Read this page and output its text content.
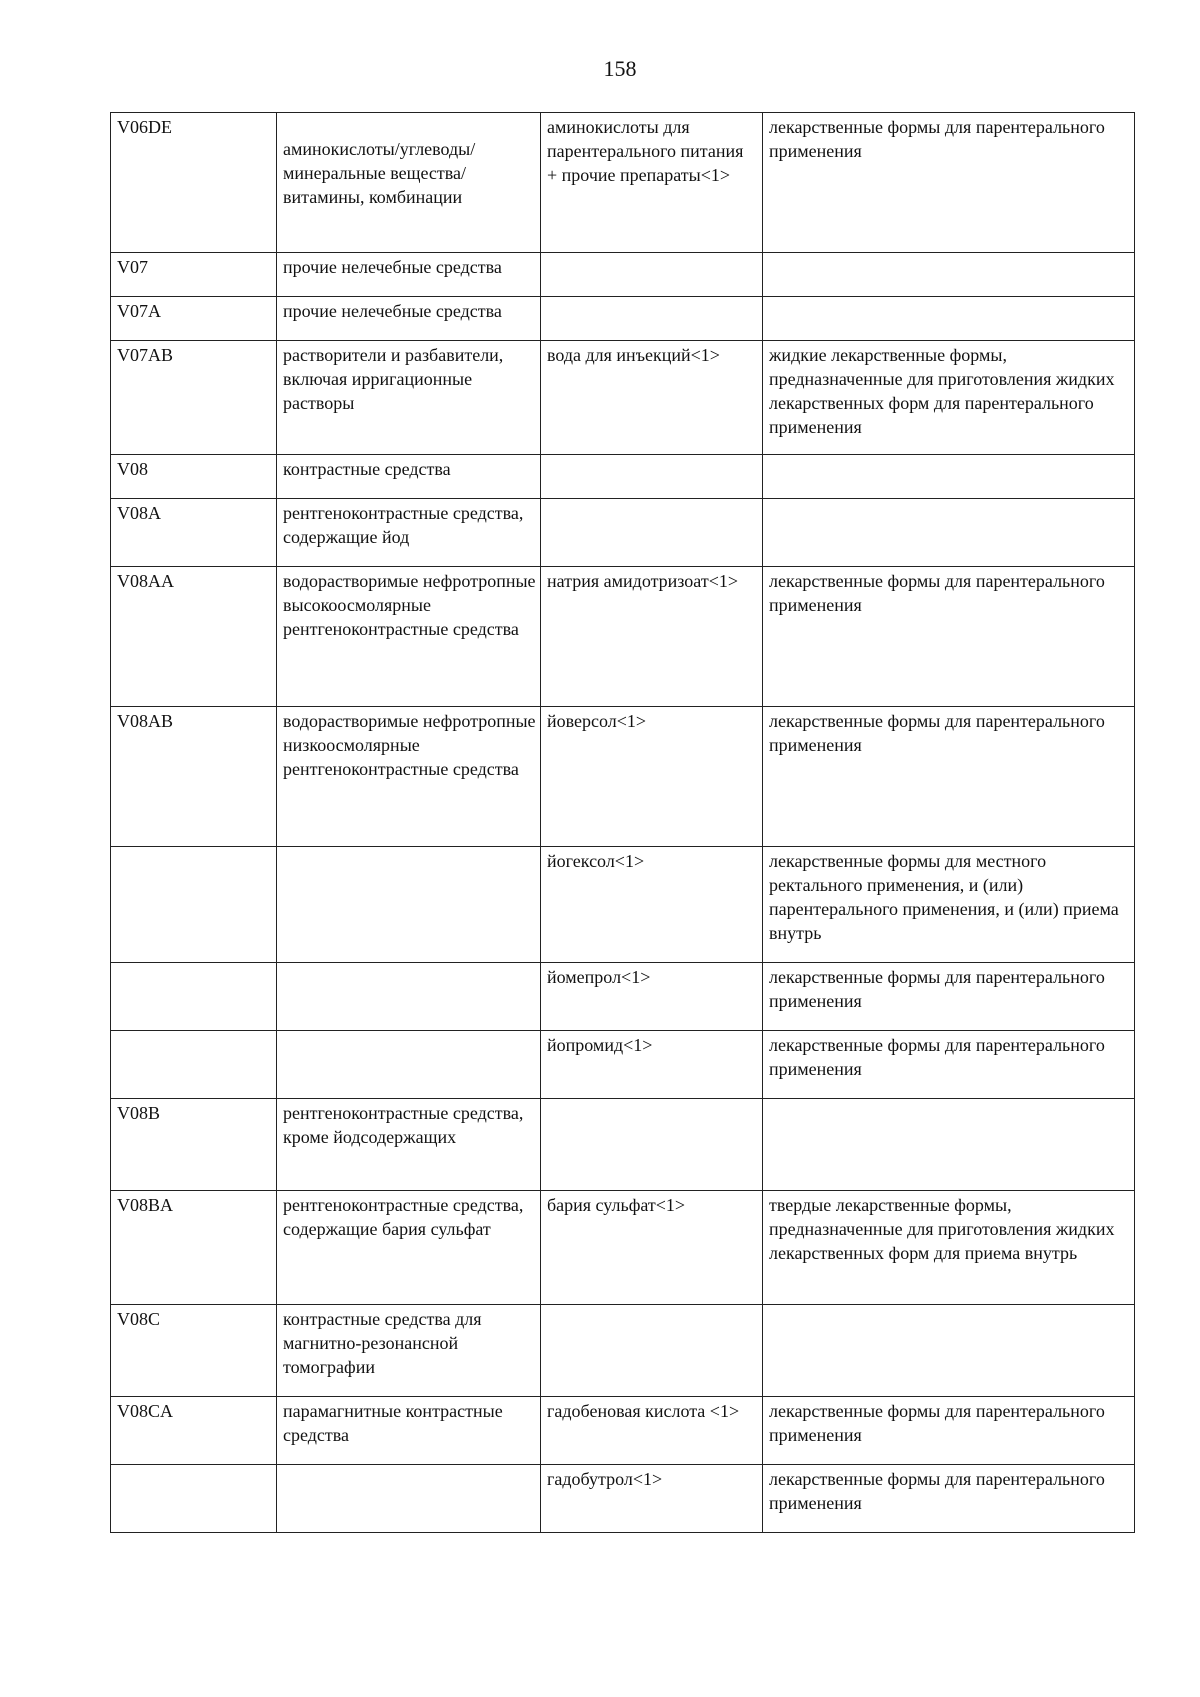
158
V06DE	аминокислоты/углеводы/минеральные вещества/витамины, комбинации	аминокислоты для парентерального питания + прочие препараты<1>	лекарственные формы для парентерального применения
V07	прочие нелечебные средства		
V07A	прочие нелечебные средства		
V07AB	растворители и разбавители, включая ирригационные растворы	вода для инъекций<1>	жидкие лекарственные формы, предназначенные для приготовления жидких лекарственных форм для парентерального применения
V08	контрастные средства		
V08A	рентгеноконтрастные средства, содержащие йод		
V08AA	водорастворимые нефротропные высокоосмолярные рентгеноконтрастные средства	натрия амидотризоат<1>	лекарственные формы для парентерального применения
V08AB	водорастворимые нефротропные низкоосмолярные рентгеноконтрастные средства	йоверсол<1>	лекарственные формы для парентерального применения
		йогексол<1>	лекарственные формы для местного ректального применения, и (или) парентерального применения, и (или) приема внутрь
		йомепрол<1>	лекарственные формы для парентерального применения
		йопромид<1>	лекарственные формы для парентерального применения
V08B	рентгеноконтрастные средства, кроме йодсодержащих		
V08BA	рентгеноконтрастные средства, содержащие бария сульфат	бария сульфат<1>	твердые лекарственные формы, предназначенные для приготовления жидких лекарственных форм для приема внутрь
V08C	контрастные средства для магнитно-резонансной томографии		
V08CA	парамагнитные контрастные средства	гадобеновая кислота <1>	лекарственные формы для парентерального применения
		гадобутрол<1>	лекарственные формы для парентерального применения
